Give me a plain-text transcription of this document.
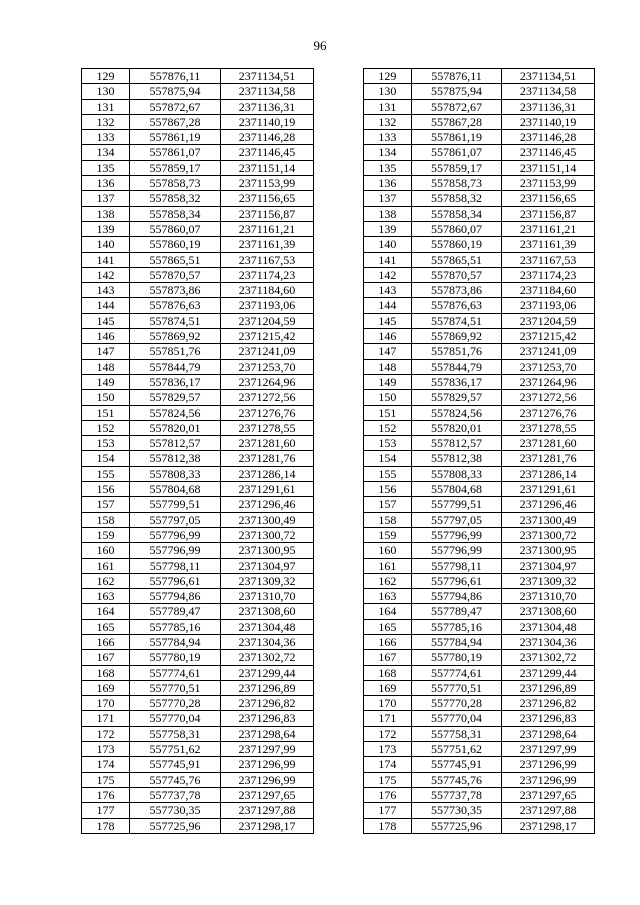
96
129	557876,11	2371134,51
130	557875,94	2371134,58
131	557872,67	2371136,31
132	557867,28	2371140,19
133	557861,19	2371146,28
134	557861,07	2371146,45
135	557859,17	2371151,14
136	557858,73	2371153,99
137	557858,32	2371156,65
138	557858,34	2371156,87
139	557860,07	2371161,21
140	557860,19	2371161,39
141	557865,51	2371167,53
142	557870,57	2371174,23
143	557873,86	2371184,60
144	557876,63	2371193,06
145	557874,51	2371204,59
146	557869,92	2371215,42
147	557851,76	2371241,09
148	557844,79	2371253,70
149	557836,17	2371264,96
150	557829,57	2371272,56
151	557824,56	2371276,76
152	557820,01	2371278,55
153	557812,57	2371281,60
154	557812,38	2371281,76
155	557808,33	2371286,14
156	557804,68	2371291,61
157	557799,51	2371296,46
158	557797,05	2371300,49
159	557796,99	2371300,72
160	557796,99	2371300,95
161	557798,11	2371304,97
162	557796,61	2371309,32
163	557794,86	2371310,70
164	557789,47	2371308,60
165	557785,16	2371304,48
166	557784,94	2371304,36
167	557780,19	2371302,72
168	557774,61	2371299,44
169	557770,51	2371296,89
170	557770,28	2371296,82
171	557770,04	2371296,83
172	557758,31	2371298,64
173	557751,62	2371297,99
174	557745,91	2371296,99
175	557745,76	2371296,99
176	557737,78	2371297,65
177	557730,35	2371297,88
178	557725,96	2371298,17
129	557876,11	2371134,51
130	557875,94	2371134,58
131	557872,67	2371136,31
132	557867,28	2371140,19
133	557861,19	2371146,28
134	557861,07	2371146,45
135	557859,17	2371151,14
136	557858,73	2371153,99
137	557858,32	2371156,65
138	557858,34	2371156,87
139	557860,07	2371161,21
140	557860,19	2371161,39
141	557865,51	2371167,53
142	557870,57	2371174,23
143	557873,86	2371184,60
144	557876,63	2371193,06
145	557874,51	2371204,59
146	557869,92	2371215,42
147	557851,76	2371241,09
148	557844,79	2371253,70
149	557836,17	2371264,96
150	557829,57	2371272,56
151	557824,56	2371276,76
152	557820,01	2371278,55
153	557812,57	2371281,60
154	557812,38	2371281,76
155	557808,33	2371286,14
156	557804,68	2371291,61
157	557799,51	2371296,46
158	557797,05	2371300,49
159	557796,99	2371300,72
160	557796,99	2371300,95
161	557798,11	2371304,97
162	557796,61	2371309,32
163	557794,86	2371310,70
164	557789,47	2371308,60
165	557785,16	2371304,48
166	557784,94	2371304,36
167	557780,19	2371302,72
168	557774,61	2371299,44
169	557770,51	2371296,89
170	557770,28	2371296,82
171	557770,04	2371296,83
172	557758,31	2371298,64
173	557751,62	2371297,99
174	557745,91	2371296,99
175	557745,76	2371296,99
176	557737,78	2371297,65
177	557730,35	2371297,88
178	557725,96	2371298,17
